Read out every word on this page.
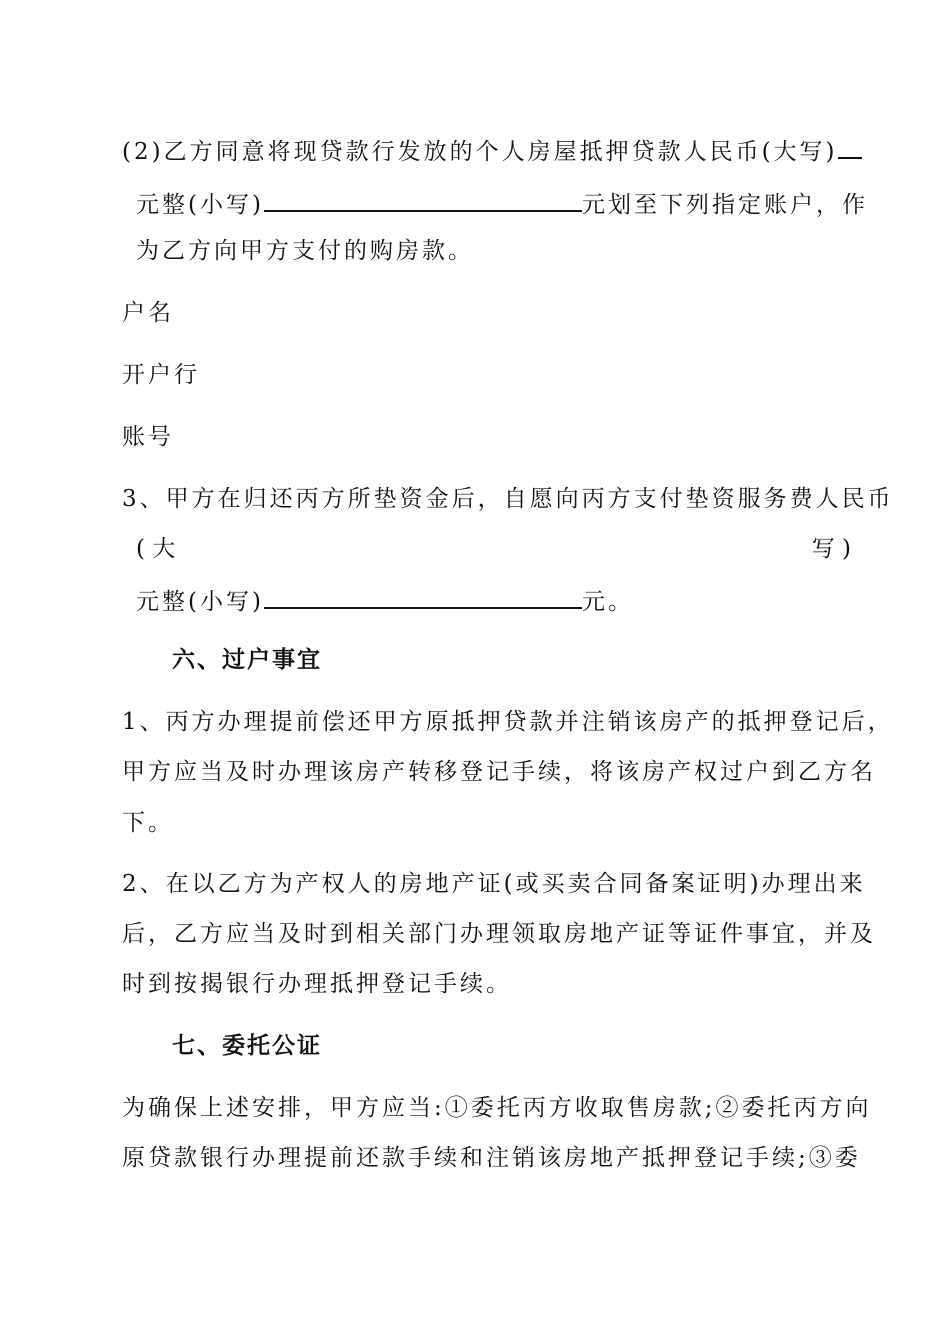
(2)乙方同意将现贷款行发放的个人房屋抵押贷款人民币(大写)
元整(小写)	元划至下列指定账户，作
为乙方向甲方支付的购房款。
户名
开户行
账号
3、甲方在归还丙方所垫资金后，自愿向丙方支付垫资服务费人民币
( 大	写 )
元整(小写)	元。
六、过户事宜
1、丙方办理提前偿还甲方原抵押贷款并注销该房产的抵押登记后，
甲方应当及时办理该房产转移登记手续，将该房产权过户到乙方名
下。
2、在以乙方为产权人的房地产证(或买卖合同备案证明)办理出来
后，乙方应当及时到相关部门办理领取房地产证等证件事宜，并及
时到按揭银行办理抵押登记手续。
七、委托公证
为确保上述安排，甲方应当:①委托丙方收取售房款;②委托丙方向
原贷款银行办理提前还款手续和注销该房地产抵押登记手续;③委
